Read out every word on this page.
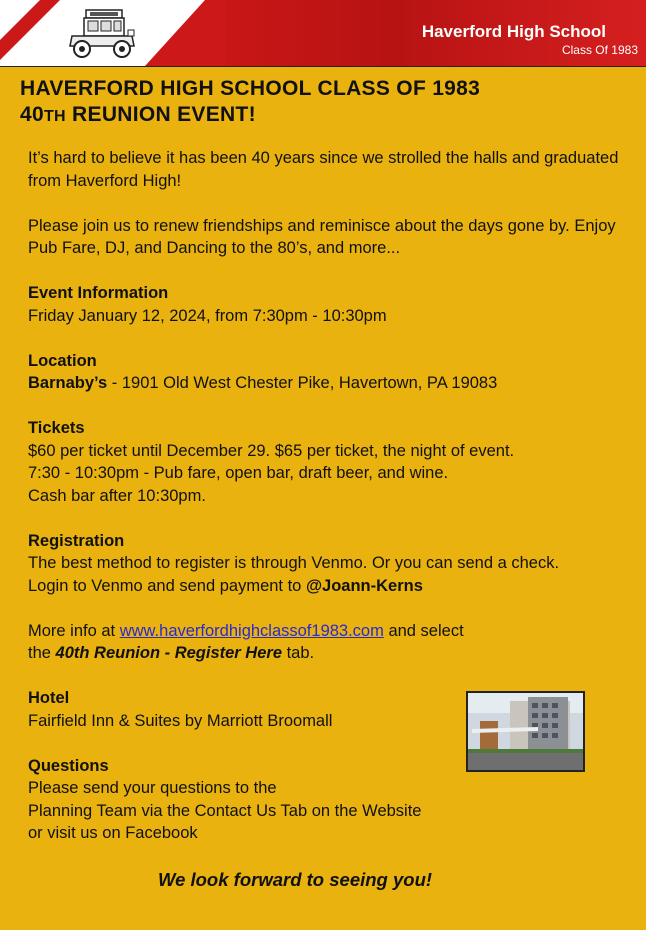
Haverford High School
Class Of 1983
HAVERFORD HIGH SCHOOL CLASS OF 1983
40TH REUNION EVENT!

It’s hard to believe it has been 40 years since we strolled the halls and graduated from Haverford High!

Please join us to renew friendships and reminisce about the days gone by. Enjoy Pub Fare, DJ, and Dancing to the 80’s, and more...

Event Information
Friday January 12, 2024, from 7:30pm - 10:30pm

Location
Barnaby’s - 1901 Old West Chester Pike, Havertown, PA 19083

Tickets
$60 per ticket until December 29. $65 per ticket, the night of event.
7:30 - 10:30pm - Pub fare, open bar, draft beer, and wine.
Cash bar after 10:30pm.

Registration
The best method to register is through Venmo. Or you can send a check.
Login to Venmo and send payment to @Joann-Kerns

More info at www.haverfordhighclassof1983.com and select
the 40th Reunion - Register Here tab.

Hotel
Fairfield Inn & Suites by Marriott Broomall

Questions
Please send your questions to the
Planning Team via the Contact Us Tab on the Website
or visit us on Facebook

We look forward to seeing you!
